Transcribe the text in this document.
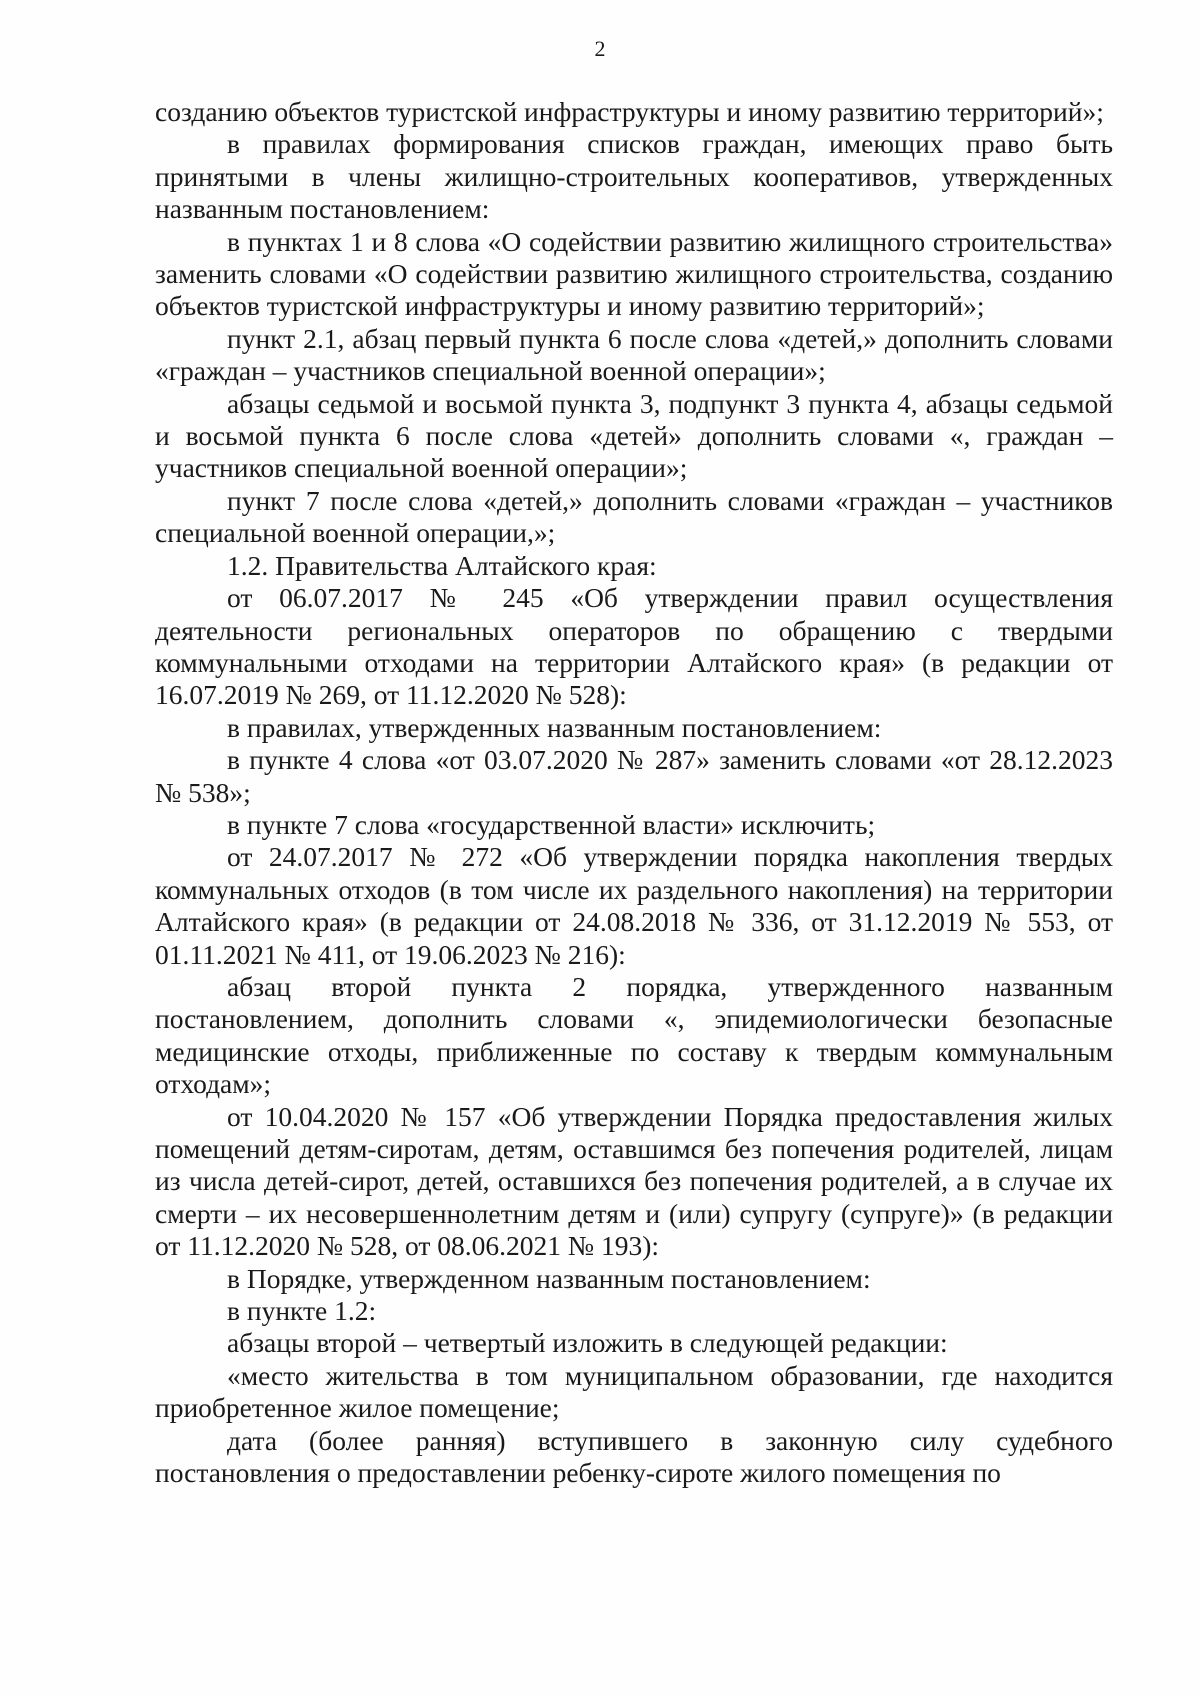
2

созданию объектов туристской инфраструктуры и иному развитию территорий»;

в правилах формирования списков граждан, имеющих право быть принятыми в члены жилищно-строительных кооперативов, утвержденных названным постановлением:

в пунктах 1 и 8 слова «О содействии развитию жилищного строительства» заменить словами «О содействии развитию жилищного строительства, созданию объектов туристской инфраструктуры и иному развитию территорий»;

пункт 2.1, абзац первый пункта 6 после слова «детей,» дополнить словами «граждан – участников специальной военной операции»;

абзацы седьмой и восьмой пункта 3, подпункт 3 пункта 4, абзацы седьмой и восьмой пункта 6 после слова «детей» дополнить словами «, граждан – участников специальной военной операции»;

пункт 7 после слова «детей,» дополнить словами «граждан – участников специальной военной операции,»;

1.2. Правительства Алтайского края:

от 06.07.2017 № 245 «Об утверждении правил осуществления деятельности региональных операторов по обращению с твердыми коммунальными отходами на территории Алтайского края» (в редакции от 16.07.2019 № 269, от 11.12.2020 № 528):

в правилах, утвержденных названным постановлением:

в пункте 4 слова «от 03.07.2020 № 287» заменить словами «от 28.12.2023 № 538»;

в пункте 7 слова «государственной власти» исключить;

от 24.07.2017 № 272 «Об утверждении порядка накопления твердых коммунальных отходов (в том числе их раздельного накопления) на территории Алтайского края» (в редакции от 24.08.2018 № 336, от 31.12.2019 № 553, от 01.11.2021 № 411, от 19.06.2023 № 216):

абзац второй пункта 2 порядка, утвержденного названным постановлением, дополнить словами «, эпидемиологически безопасные медицинские отходы, приближенные по составу к твердым коммунальным отходам»;

от 10.04.2020 № 157 «Об утверждении Порядка предоставления жилых помещений детям-сиротам, детям, оставшимся без попечения родителей, лицам из числа детей-сирот, детей, оставшихся без попечения родителей, а в случае их смерти – их несовершеннолетним детям и (или) супругу (супруге)» (в редакции от 11.12.2020 № 528, от 08.06.2021 № 193):

в Порядке, утвержденном названным постановлением:

в пункте 1.2:

абзацы второй – четвертый изложить в следующей редакции:

«место жительства в том муниципальном образовании, где находится приобретенное жилое помещение;

дата (более ранняя) вступившего в законную силу судебного постановления о предоставлении ребенку-сироте жилого помещения по
